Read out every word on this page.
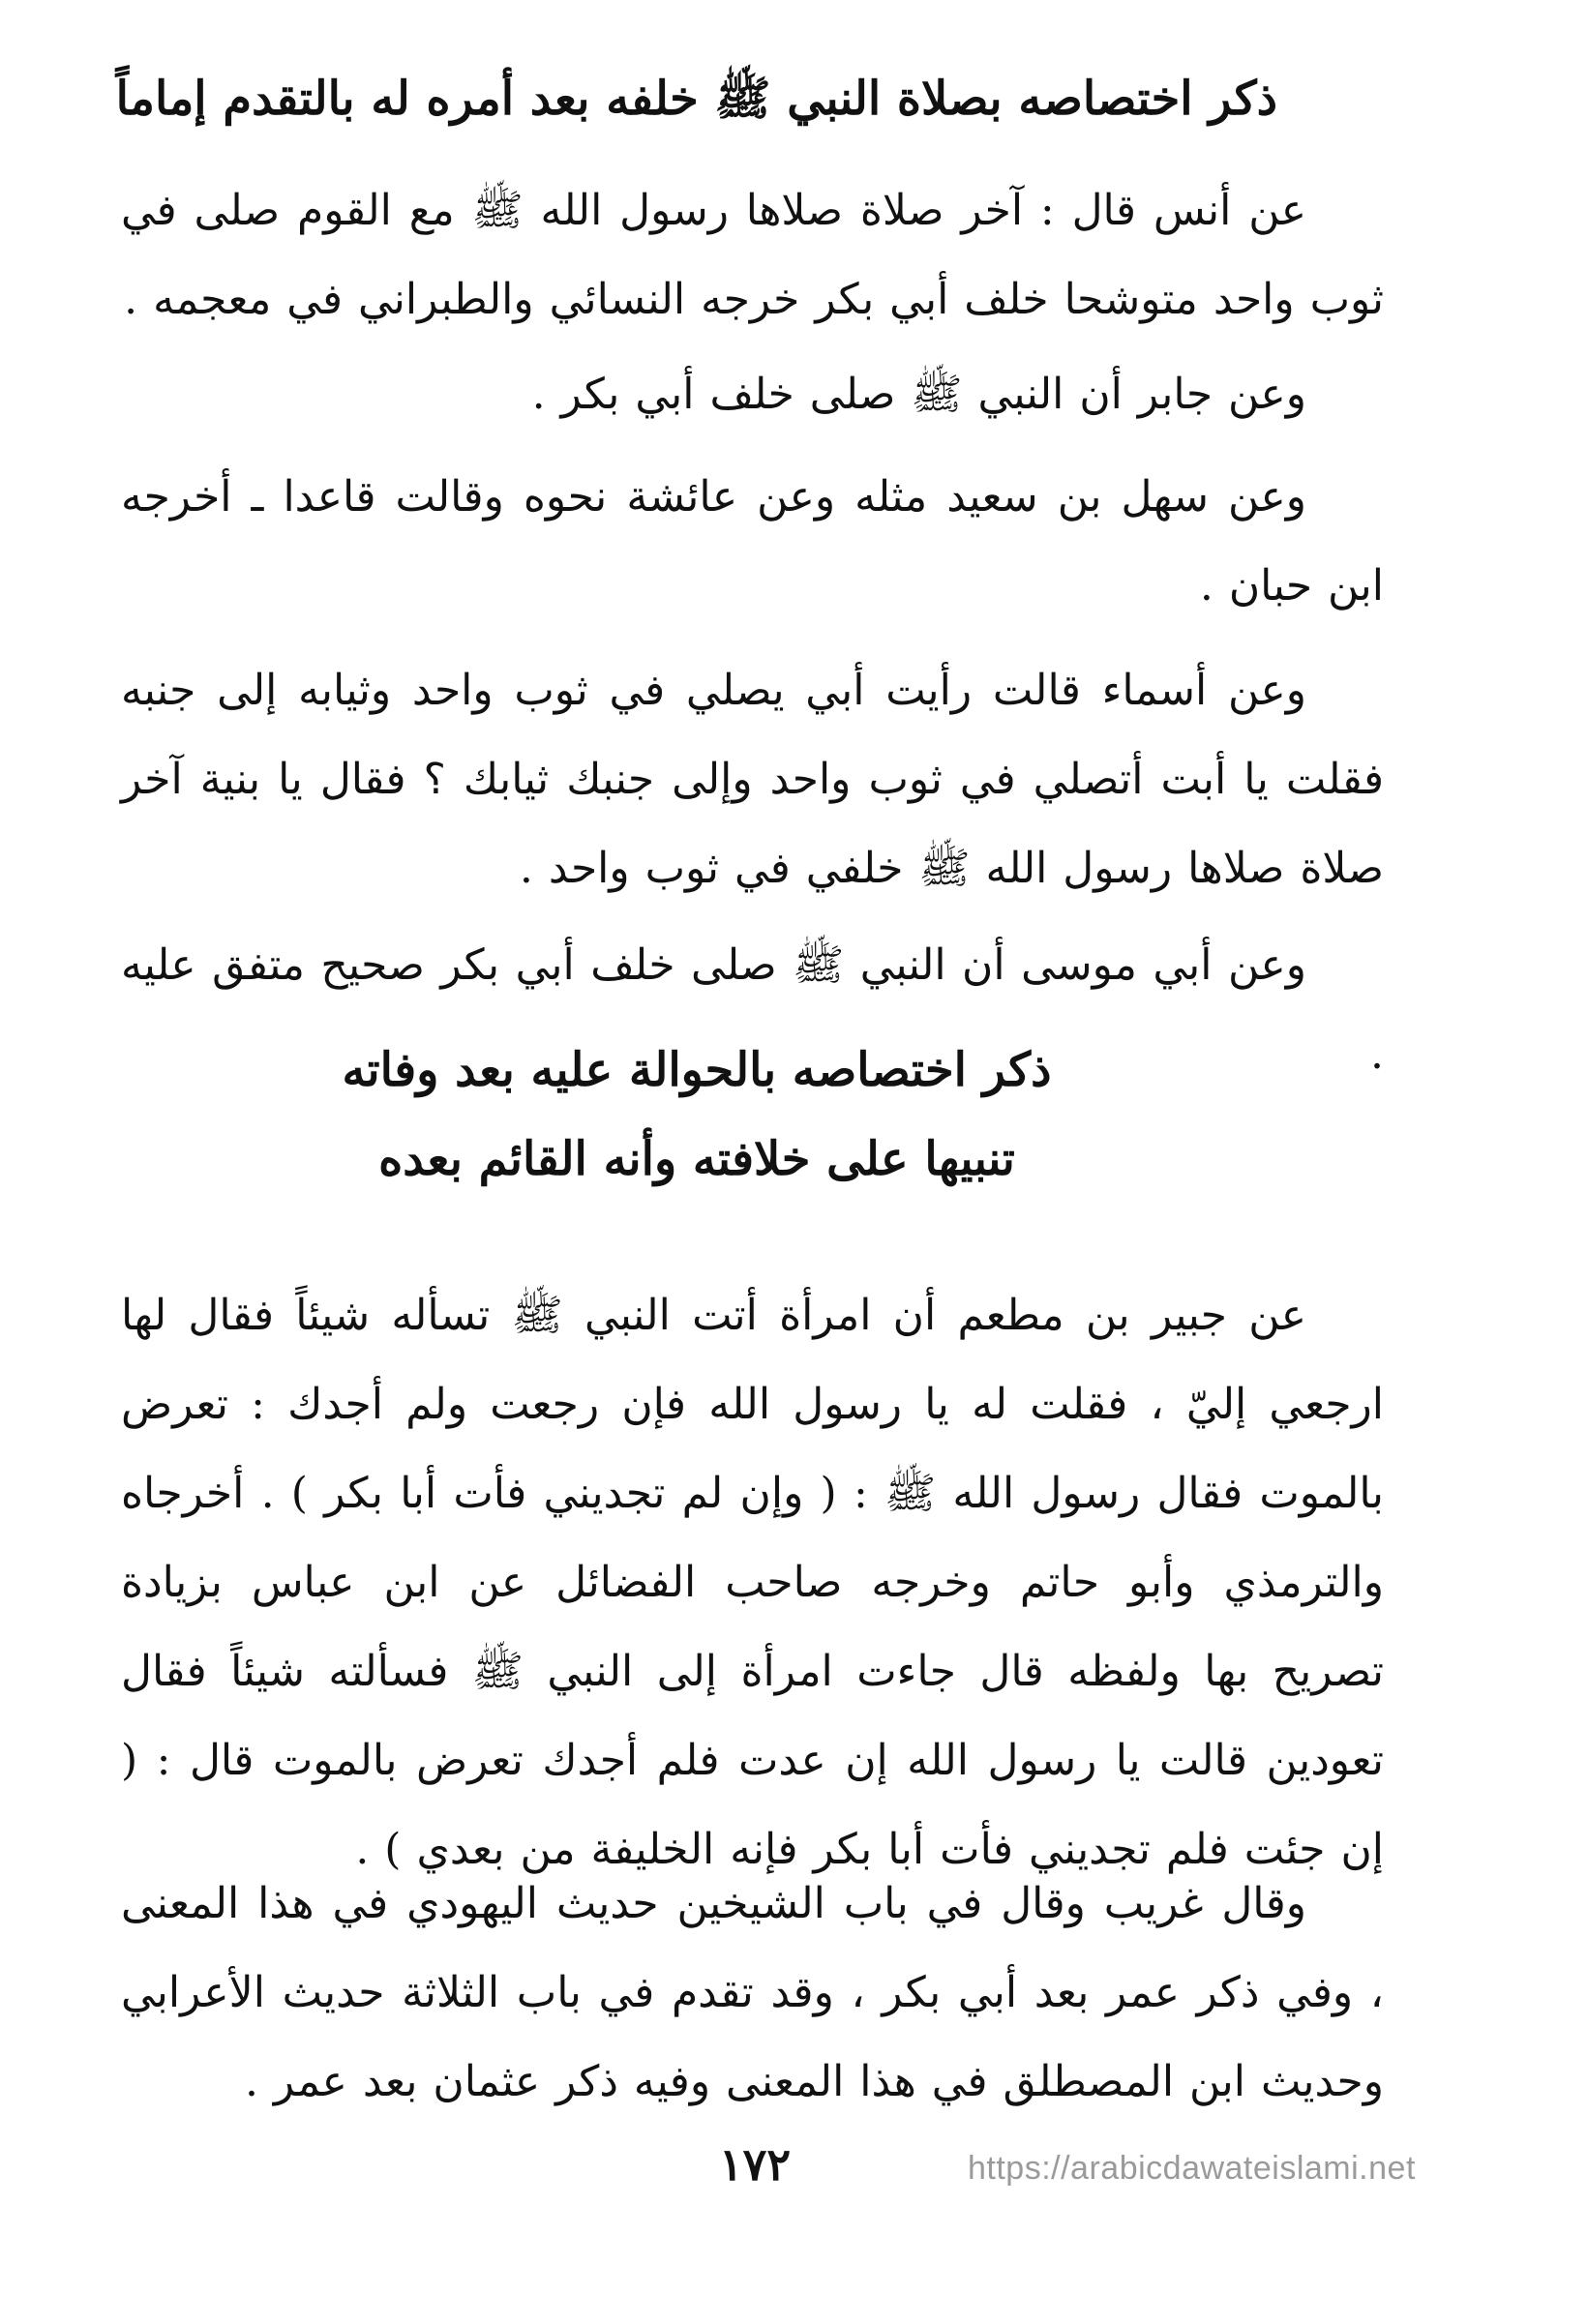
ذكر اختصاصه بصلاة النبي ﷺ خلفه بعد أمره له بالتقدم إماماً
عن أنس قال : آخر صلاة صلاها رسول الله ﷺ مع القوم صلى في ثوب واحد متوشحا خلف أبي بكر خرجه النسائي والطبراني في معجمه .
وعن جابر أن النبي ﷺ صلى خلف أبي بكر .
وعن سهل بن سعيد مثله وعن عائشة نحوه وقالت قاعدا ـ أخرجه ابن حبان .
وعن أسماء قالت رأيت أبي يصلي في ثوب واحد وثيابه إلى جنبه فقلت يا أبت أتصلي في ثوب واحد وإلى جنبك ثيابك ؟ فقال يا بنية آخر صلاة صلاها رسول الله ﷺ خلفي في ثوب واحد .
وعن أبي موسى أن النبي ﷺ صلى خلف أبي بكر صحيح متفق عليه .
ذكر اختصاصه بالحوالة عليه بعد وفاته
تنبيها على خلافته وأنه القائم بعده
عن جبير بن مطعم أن امرأة أتت النبي ﷺ تسأله شيئاً فقال لها ارجعي إليّ ، فقلت له يا رسول الله فإن رجعت ولم أجدك : تعرض بالموت فقال رسول الله ﷺ : ( وإن لم تجديني فأت أبا بكر ) . أخرجاه والترمذي وأبو حاتم وخرجه صاحب الفضائل عن ابن عباس بزيادة تصريح بها ولفظه قال جاءت امرأة إلى النبي ﷺ فسألته شيئاً فقال تعودين قالت يا رسول الله إن عدت فلم أجدك تعرض بالموت قال : ( إن جئت فلم تجديني فأت أبا بكر فإنه الخليفة من بعدي ) .
وقال غريب وقال في باب الشيخين حديث اليهودي في هذا المعنى ، وفي ذكر عمر بعد أبي بكر ، وقد تقدم في باب الثلاثة حديث الأعرابي وحديث ابن المصطلق في هذا المعنى وفيه ذكر عثمان بعد عمر .
١٧٢	https://arabicdawateislami.net
